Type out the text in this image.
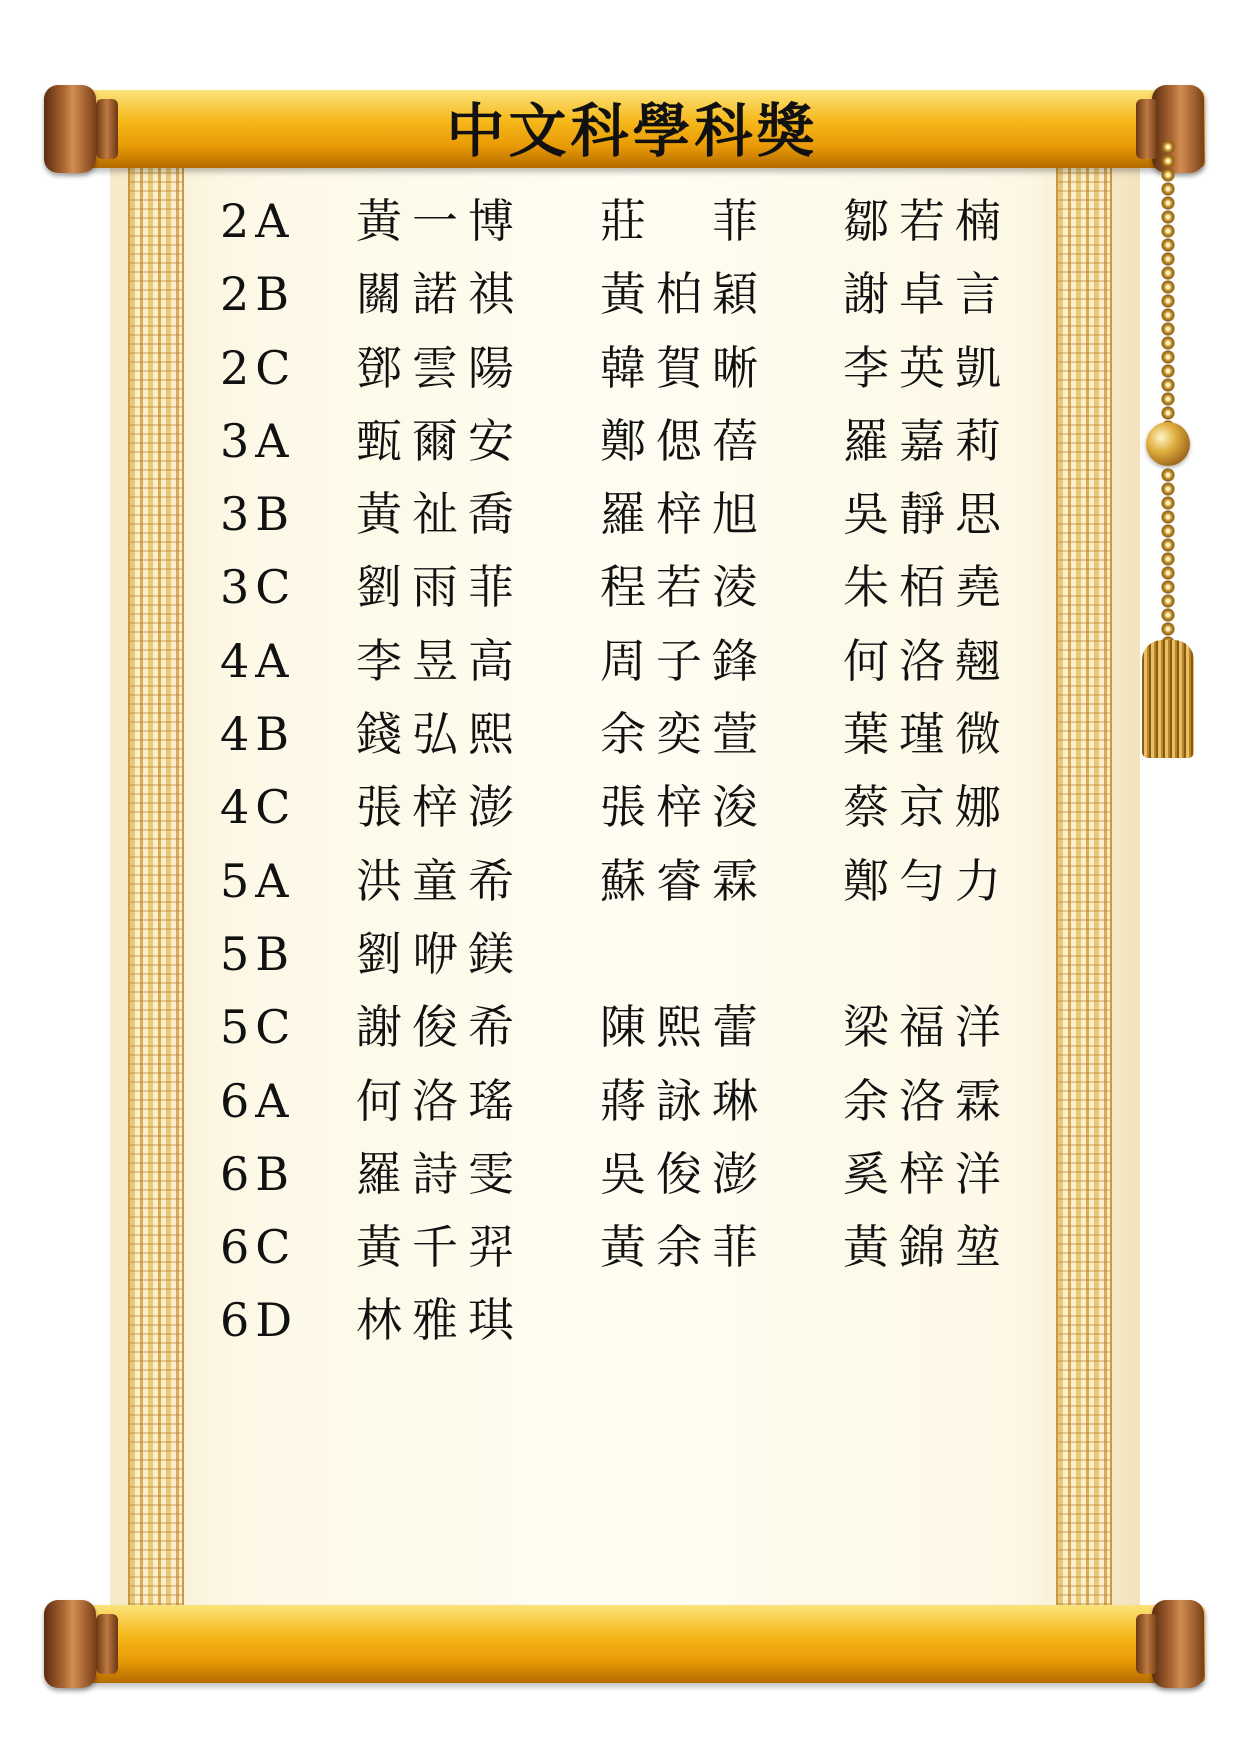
中文科學科獎
2A 黃一博 莊　菲 鄒若楠
2B 關諾祺 黃柏穎 謝卓言
2C 鄧雲陽 韓賀晰 李英凱
3A 甄爾安 鄭偲蓓 羅嘉莉
3B 黃祉喬 羅梓旭 吳靜思
3C 劉雨菲 程若淩 朱栢堯
4A 李昱高 周子鋒 何洛翹
4B 錢弘熙 余奕萱 葉瑾微
4C 張梓澎 張梓浚 蔡京娜
5A 洪童希 蘇睿霖 鄭勻力
5B 劉咿鎂
5C 謝俊希 陳熙蕾 梁福洋
6A 何洛瑤 蔣詠琳 余洛霖
6B 羅詩雯 吳俊澎 奚梓洋
6C 黃千羿 黃余菲 黃錦堃
6D 林雅琪
